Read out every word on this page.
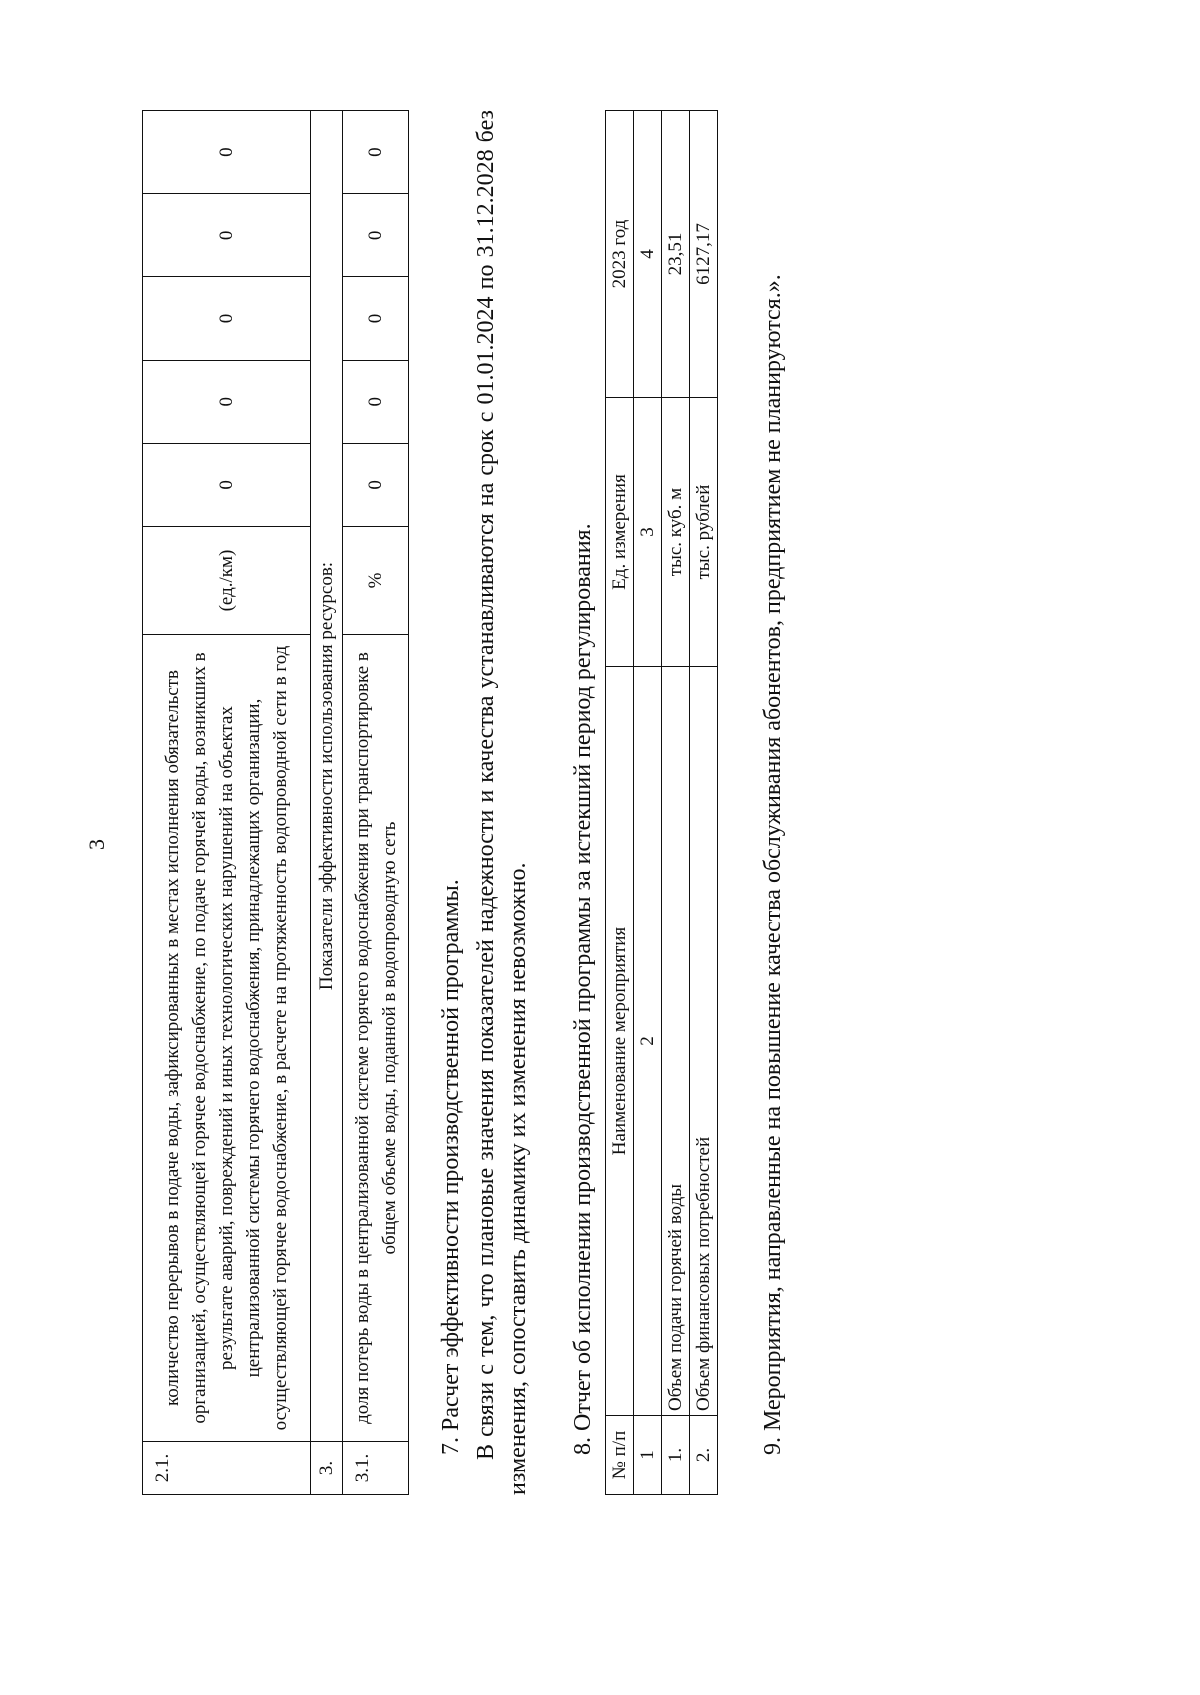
3
2.1.	количество перерывов в подаче воды, зафиксированных в местах исполнения обязательств организацией, осуществляющей горячее водоснабжение, по подаче горячей воды, возникших в результате аварий, повреждений и иных технологических нарушений на объектах централизованной системы горячего водоснабжения, принадлежащих организации, осуществляющей горячее водоснабжение, в расчете на протяженность водопроводной сети в год	(ед./км)	0	0	0	0	0
3.	Показатели эффективности использования ресурсов:						
3.1.	доля потерь воды в централизованной системе горячего водоснабжения при транспортировке в общем объеме воды, поданной в водопроводную сеть	%	0	0	0	0	0
7. Расчет эффективности производственной программы. В связи с тем, что плановые значения показателей надежности и качества устанавливаются на срок с 01.01.2024 по 31.12.2028 без изменения, сопоставить динамику их изменения невозможно. 8. Отчет об исполнении производственной программы за истекший период регулирования. № п/п	Наименование мероприятия	Ед. измерения	2023 год
1	2	3	4
1.	Объем подачи горячей воды	тыс. куб. м	23,51
2.	Объем финансовых потребностей	тыс. рублей	6127,17
9. Мероприятия, направленные на повышение качества обслуживания абонентов, предприятием не планируются.».
